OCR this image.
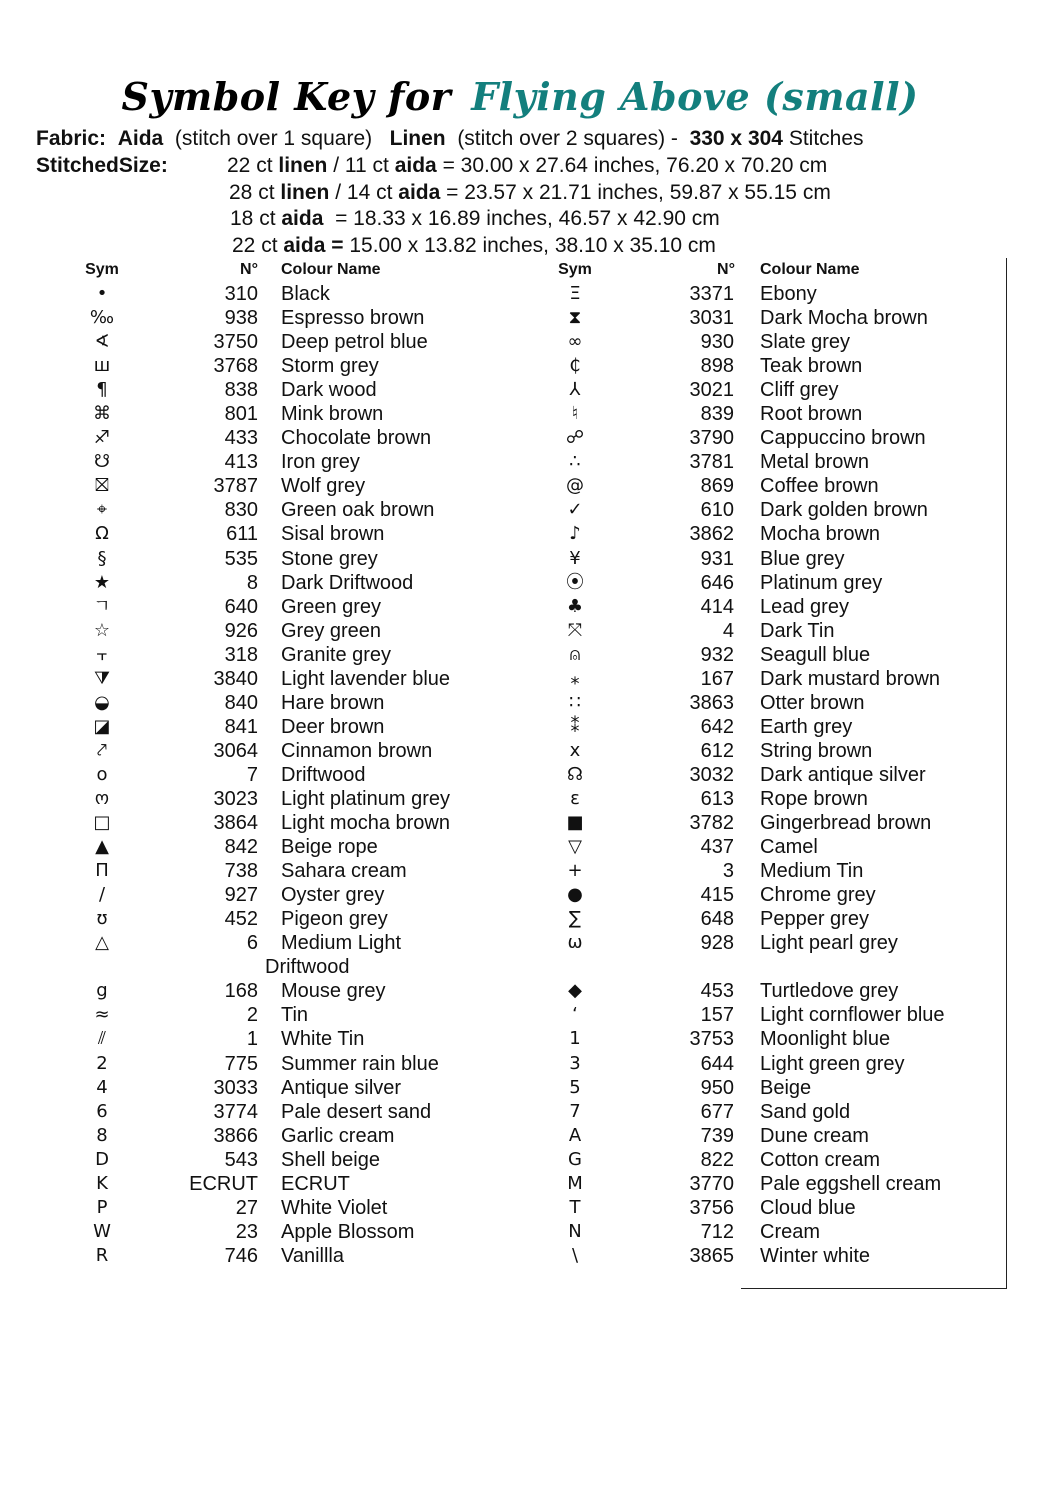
Symbol Key for Flying Above (small)
Fabric: Aida (stitch over 1 square) Linen (stitch over 2 squares) - 330 x 304 Stitches
StitchedSize:	22 ct linen / 11 ct aida = 30.00 x 27.64 inches, 76.20 x 70.20 cm
28 ct linen / 14 ct aida = 23.57 x 21.71 inches, 59.87 x 55.15 cm
18 ct aida  = 18.33 x 16.89 inches, 46.57 x 42.90 cm
22 ct aida = 15.00 x 13.82 inches, 38.10 x 35.10 cm
Sym	N° Colour Name
•	310 Black
‰	938 Espresso brown
∢	3750 Deep petrol blue
ш	3768 Storm grey
¶	838 Dark wood
⌘	801 Mink brown
♐	433 Chocolate brown
☋	413 Iron grey
⛝	3787 Wolf grey
⌖	830 Green oak brown
Ω	611 Sisal brown
§	535 Stone grey
★	8 Dark Driftwood
ㄱ	640 Green grey
☆	926 Grey green
⫟	318 Granite grey
⧩	3840 Light lavender blue
◒	840 Hare brown
◪	841 Deer brown
⤤	3064 Cinnamon brown
o	7 Driftwood
ო	3023 Light platinum grey
□	3864 Light mocha brown
▲	842 Beige rope
Π	738 Sahara cream
/	927 Oyster grey
ʊ	452 Pigeon grey
△	6 Medium Light
Driftwood
g	168 Mouse grey
≈	2 Tin
⫽	1 White Tin
2	775 Summer rain blue
4	3033 Antique silver
6	3774 Pale desert sand
8	3866 Garlic cream
D	543 Shell beige
K	ECRUT ECRUT
P	27 White Violet
W	23 Apple Blossom
R	746 Vanillla
Sym	N° Colour Name
Ξ	3371 Ebony
⧗	3031 Dark Mocha brown
∞	930 Slate grey
₵	898 Teak brown
⅄	3021 Cliff grey
♮	839 Root brown
☍	3790 Cappuccino brown
∴	3781 Metal brown
@	869 Coffee brown
✓	610 Dark golden brown
♪	3862 Mocha brown
¥	931 Blue grey
⦿	646 Platinum grey
♣	414 Lead grey
⤧	4 Dark Tin
⍝	932 Seagull blue
⁎	167 Dark mustard brown
∷	3863 Otter brown
⁑	642 Earth grey
x	612 String brown
☊	3032 Dark antique silver
ɛ	613 Rope brown
■	3782 Gingerbread brown
▽	437 Camel
+	3 Medium Tin
●	415 Chrome grey
∑	648 Pepper grey
ω	928 Light pearl grey
◆	453 Turtledove grey
‘	157 Light cornflower blue
1	3753 Moonlight blue
3	644 Light green grey
5	950 Beige
7	677 Sand gold
A	739 Dune cream
G	822 Cotton cream
M	3770 Pale eggshell cream
T	3756 Cloud blue
N	712 Cream
\	3865 Winter white
